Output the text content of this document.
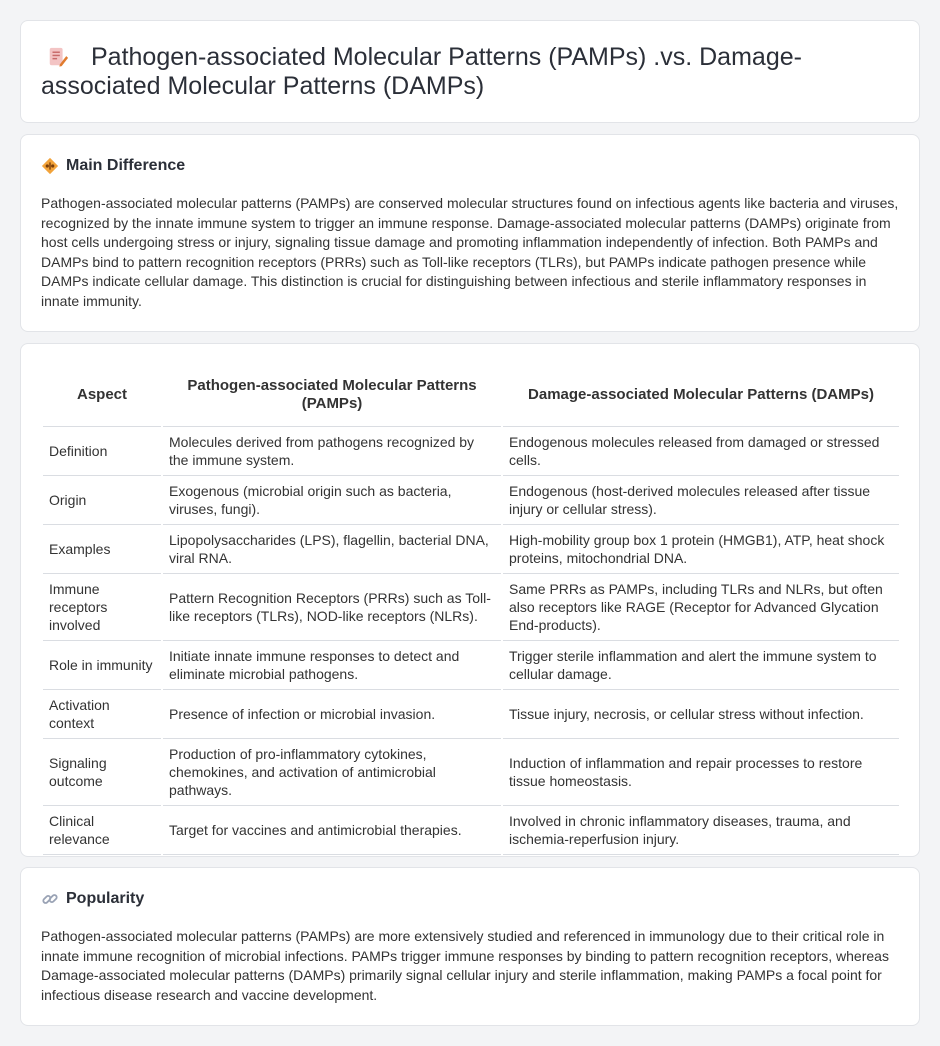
Pathogen-associated Molecular Patterns (PAMPs) .vs. Damage-associated Molecular Patterns (DAMPs)
Main Difference

Pathogen-associated molecular patterns (PAMPs) are conserved molecular structures found on infectious agents like bacteria and viruses, recognized by the innate immune system to trigger an immune response. Damage-associated molecular patterns (DAMPs) originate from host cells undergoing stress or injury, signaling tissue damage and promoting inflammation independently of infection. Both PAMPs and DAMPs bind to pattern recognition receptors (PRRs) such as Toll-like receptors (TLRs), but PAMPs indicate pathogen presence while DAMPs indicate cellular damage. This distinction is crucial for distinguishing between infectious and sterile inflammatory responses in innate immunity.

Aspect	Pathogen-associated Molecular Patterns (PAMPs)	Damage-associated Molecular Patterns (DAMPs)
Definition	Molecules derived from pathogens recognized by the immune system.	Endogenous molecules released from damaged or stressed cells.
Origin	Exogenous (microbial origin such as bacteria, viruses, fungi).	Endogenous (host-derived molecules released after tissue injury or cellular stress).
Examples	Lipopolysaccharides (LPS), flagellin, bacterial DNA, viral RNA.	High-mobility group box 1 protein (HMGB1), ATP, heat shock proteins, mitochondrial DNA.
Immune receptors involved	Pattern Recognition Receptors (PRRs) such as Toll-like receptors (TLRs), NOD-like receptors (NLRs).	Same PRRs as PAMPs, including TLRs and NLRs, but often also receptors like RAGE (Receptor for Advanced Glycation End-products).
Role in immunity	Initiate innate immune responses to detect and eliminate microbial pathogens.	Trigger sterile inflammation and alert the immune system to cellular damage.
Activation context	Presence of infection or microbial invasion.	Tissue injury, necrosis, or cellular stress without infection.
Signaling outcome	Production of pro-inflammatory cytokines, chemokines, and activation of antimicrobial pathways.	Induction of inflammation and repair processes to restore tissue homeostasis.
Clinical relevance	Target for vaccines and antimicrobial therapies.	Involved in chronic inflammatory diseases, trauma, and ischemia-reperfusion injury.
Popularity

Pathogen-associated molecular patterns (PAMPs) are more extensively studied and referenced in immunology due to their critical role in innate immune recognition of microbial infections. PAMPs trigger immune responses by binding to pattern recognition receptors, whereas Damage-associated molecular patterns (DAMPs) primarily signal cellular injury and sterile inflammation, making PAMPs a focal point for infectious disease research and vaccine development.
